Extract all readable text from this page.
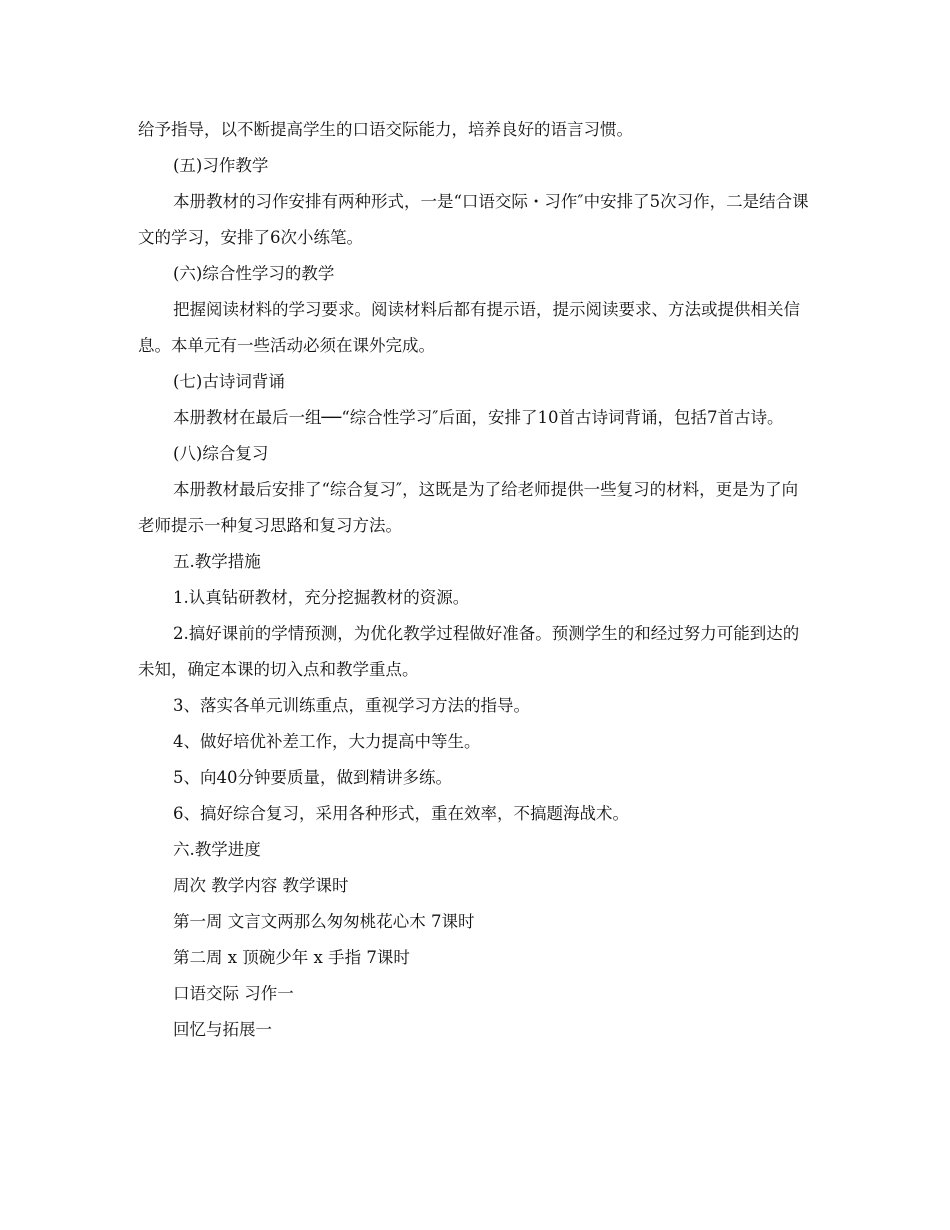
给予指导，以不断提高学生的口语交际能力，培养良好的语言习惯。

(五)习作教学

本册教材的习作安排有两种形式，一是“口语交际・习作″中安排了5次习作，二是结合课文的学习，安排了6次小练笔。

(六)综合性学习的教学

把握阅读材料的学习要求。阅读材料后都有提示语，提示阅读要求、方法或提供相关信息。本单元有一些活动必须在课外完成。

(七)古诗词背诵

本册教材在最后一组──“综合性学习″后面，安排了10首古诗词背诵，包括7首古诗。

(八)综合复习

本册教材最后安排了“综合复习″，这既是为了给老师提供一些复习的材料，更是为了向老师提示一种复习思路和复习方法。

五.教学措施

1.认真钻研教材，充分挖掘教材的资源。

2.搞好课前的学情预测，为优化教学过程做好准备。预测学生的和经过努力可能到达的未知，确定本课的切入点和教学重点。

3、落实各单元训练重点，重视学习方法的指导。

4、做好培优补差工作，大力提高中等生。

5、向40分钟要质量，做到精讲多练。

6、搞好综合复习，采用各种形式，重在效率，不搞题海战术。

六.教学进度

周次 教学内容 教学课时

第一周 文言文两那么匆匆桃花心木 7课时

第二周 x 顶碗少年 x 手指 7课时

口语交际 习作一

回忆与拓展一
